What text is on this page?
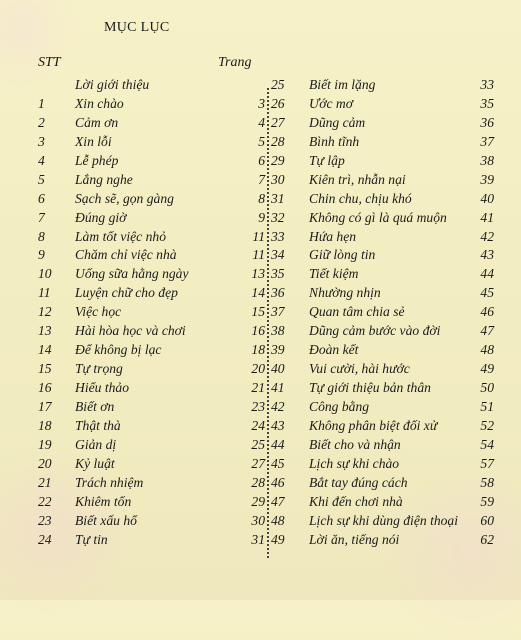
MỤC LỤC
STT	Trang
Lời giới thiệu	25 Biết im lặng	33
1 Xin chào	3 26 Ước mơ	35
2 Cảm ơn	4 27 Dũng cảm	36
3 Xin lỗi	5 28 Bình tĩnh	37
4 Lễ phép	6 29 Tự lập	38
5 Lắng nghe	7 30 Kiên trì, nhẫn nại	39
6 Sạch sẽ, gọn gàng	8 31 Chin chu, chịu khó	40
7 Đúng giờ	9 32 Không có gì là quá muộn	41
8 Làm tốt việc nhỏ	11 33 Hứa hẹn	42
9 Chăm chỉ việc nhà	11 34 Giữ lòng tin	43
10 Uống sữa hằng ngày	13 35 Tiết kiệm	44
11 Luyện chữ cho đẹp	14 36 Nhường nhịn	45
12 Việc học	15 37 Quan tâm chia sẻ	46
13 Hài hòa học và chơi	16 38 Dũng cảm bước vào đời	47
14 Để không bị lạc	18 39 Đoàn kết	48
15 Tự trọng	20 40 Vui cười, hài hước	49
16 Hiếu thảo	21 41 Tự giới thiệu bản thân	50
17 Biết ơn	23 42 Công bằng	51
18 Thật thà	24 43 Không phân biệt đối xử	52
19 Giản dị	25 44 Biết cho và nhận	54
20 Kỷ luật	27 45 Lịch sự khi chào	57
21 Trách nhiệm	28 46 Bắt tay đúng cách	58
22 Khiêm tốn	29 47 Khi đến chơi nhà	59
23 Biết xấu hổ	30 48 Lịch sự khi dùng điện thoại	60
24 Tự tin	31 49 Lời ăn, tiếng nói	62
